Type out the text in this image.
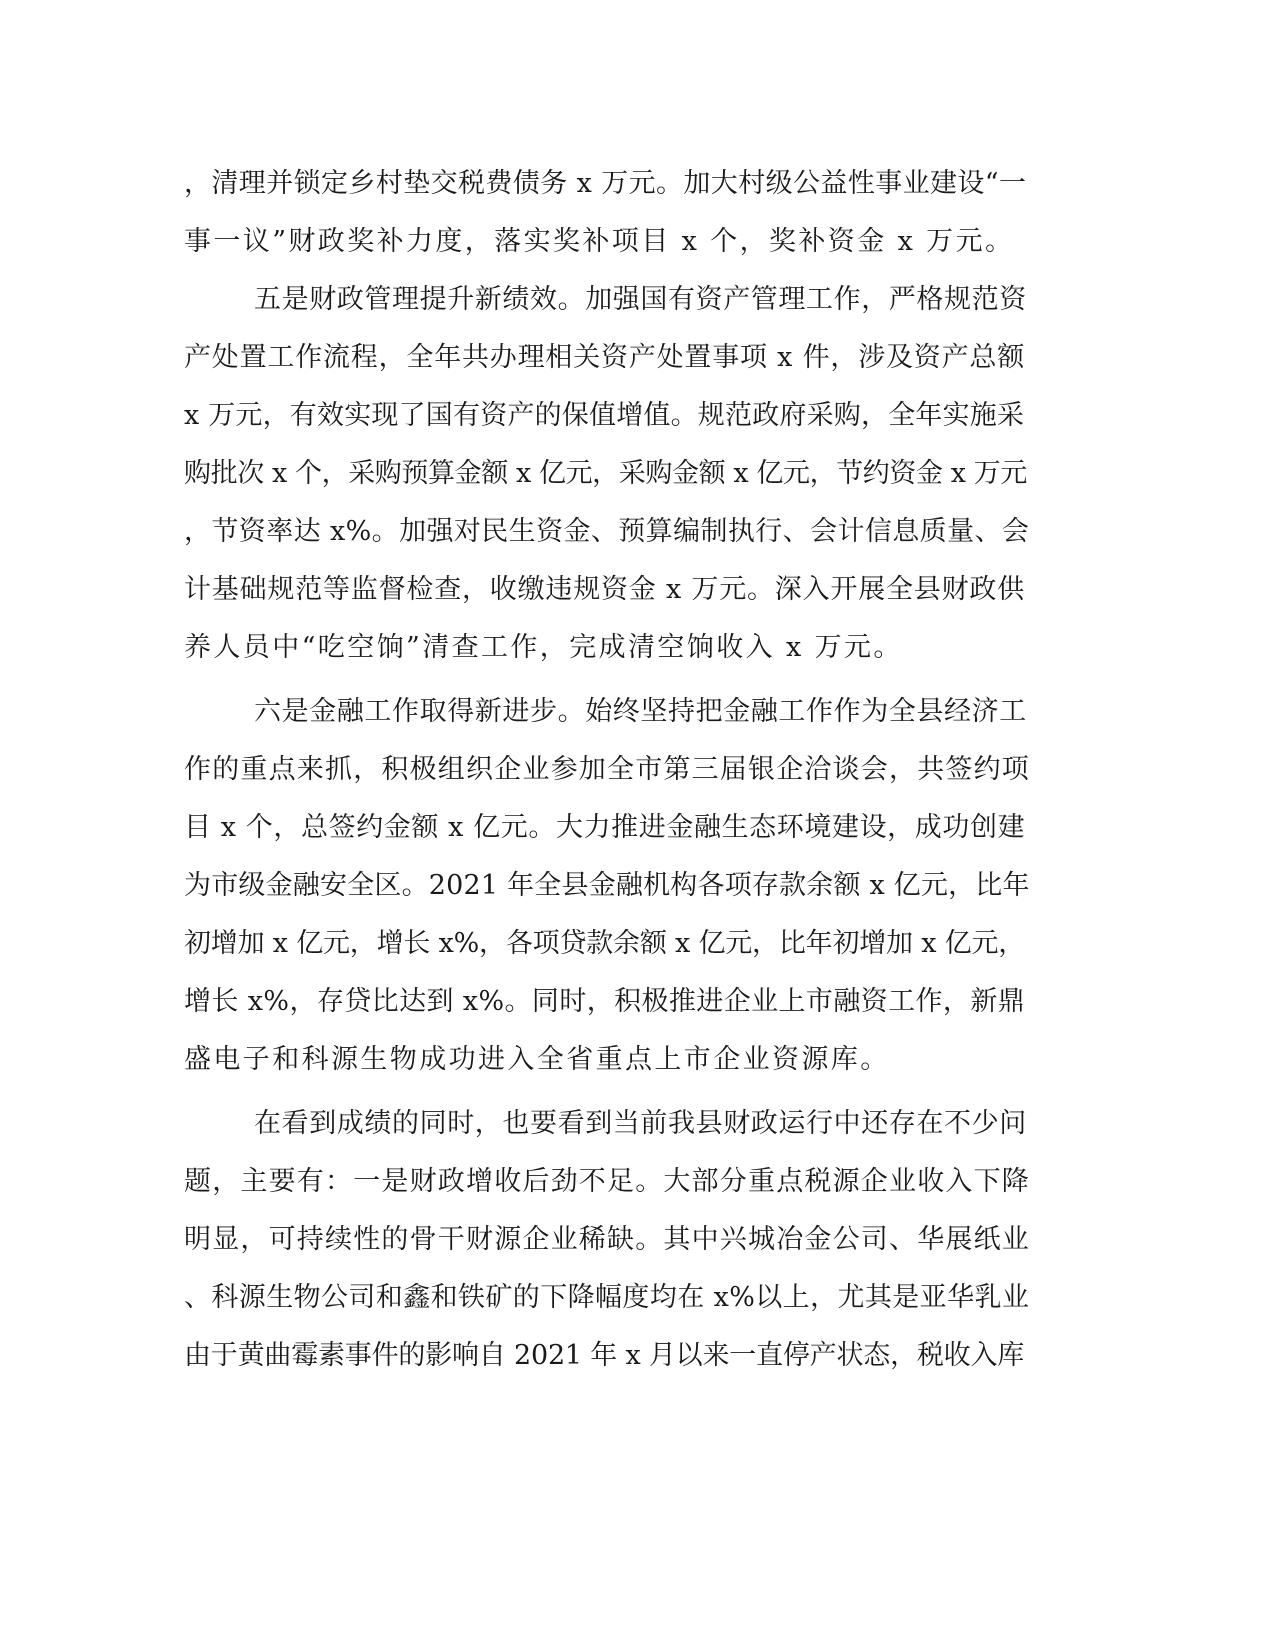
，清理并锁定乡村垫交税费债务 x 万元。加大村级公益性事业建设“一
事一议”财政奖补力度，落实奖补项目 x 个，奖补资金 x 万元。
五是财政管理提升新绩效。加强国有资产管理工作，严格规范资
产处置工作流程，全年共办理相关资产处置事项 x 件，涉及资产总额
x 万元，有效实现了国有资产的保值增值。规范政府采购，全年实施采
购批次 x 个，采购预算金额 x 亿元，采购金额 x 亿元，节约资金 x 万元
，节资率达 x%。加强对民生资金、预算编制执行、会计信息质量、会
计基础规范等监督检查，收缴违规资金 x 万元。深入开展全县财政供
养人员中“吃空饷”清查工作，完成清空饷收入 x 万元。
六是金融工作取得新进步。始终坚持把金融工作作为全县经济工
作的重点来抓，积极组织企业参加全市第三届银企洽谈会，共签约项
目 x 个，总签约金额 x 亿元。大力推进金融生态环境建设，成功创建
为市级金融安全区。2021 年全县金融机构各项存款余额 x 亿元，比年
初增加 x 亿元，增长 x%，各项贷款余额 x 亿元，比年初增加 x 亿元，
增长 x%，存贷比达到 x%。同时，积极推进企业上市融资工作，新鼎
盛电子和科源生物成功进入全省重点上市企业资源库。
在看到成绩的同时，也要看到当前我县财政运行中还存在不少问
题，主要有：一是财政增收后劲不足。大部分重点税源企业收入下降
明显，可持续性的骨干财源企业稀缺。其中兴城冶金公司、华展纸业
、科源生物公司和鑫和铁矿的下降幅度均在 x%以上，尤其是亚华乳业
由于黄曲霉素事件的影响自 2021 年 x 月以来一直停产状态，税收入库
